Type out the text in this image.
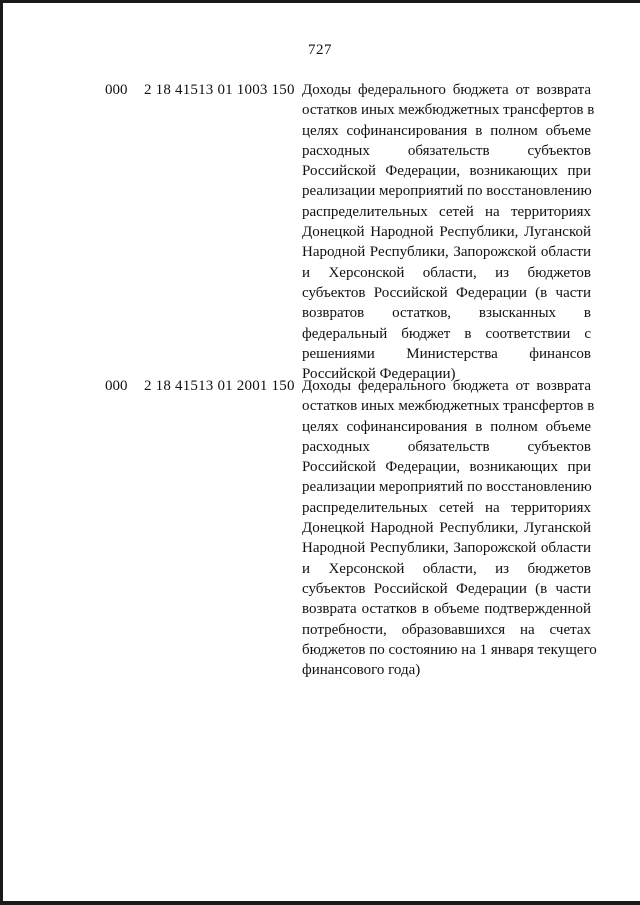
727
000 2 18 41513 01 1003 150 Доходы федерального бюджета от возврата
остатков иных межбюджетных трансфертов в
целях софинансирования в полном объеме
расходных обязательств субъектов
Российской Федерации, возникающих при
реализации мероприятий по восстановлению
распределительных сетей на территориях
Донецкой Народной Республики, Луганской
Народной Республики, Запорожской области
и Херсонской области, из бюджетов
субъектов Российской Федерации (в части
возвратов остатков, взысканных в
федеральный бюджет в соответствии с
решениями Министерства финансов
Российской Федерации)
000 2 18 41513 01 2001 150 Доходы федерального бюджета от возврата
остатков иных межбюджетных трансфертов в
целях софинансирования в полном объеме
расходных обязательств субъектов
Российской Федерации, возникающих при
реализации мероприятий по восстановлению
распределительных сетей на территориях
Донецкой Народной Республики, Луганской
Народной Республики, Запорожской области
и Херсонской области, из бюджетов
субъектов Российской Федерации (в части
возврата остатков в объеме подтвержденной
потребности, образовавшихся на счетах
бюджетов по состоянию на 1 января текущего
финансового года)
